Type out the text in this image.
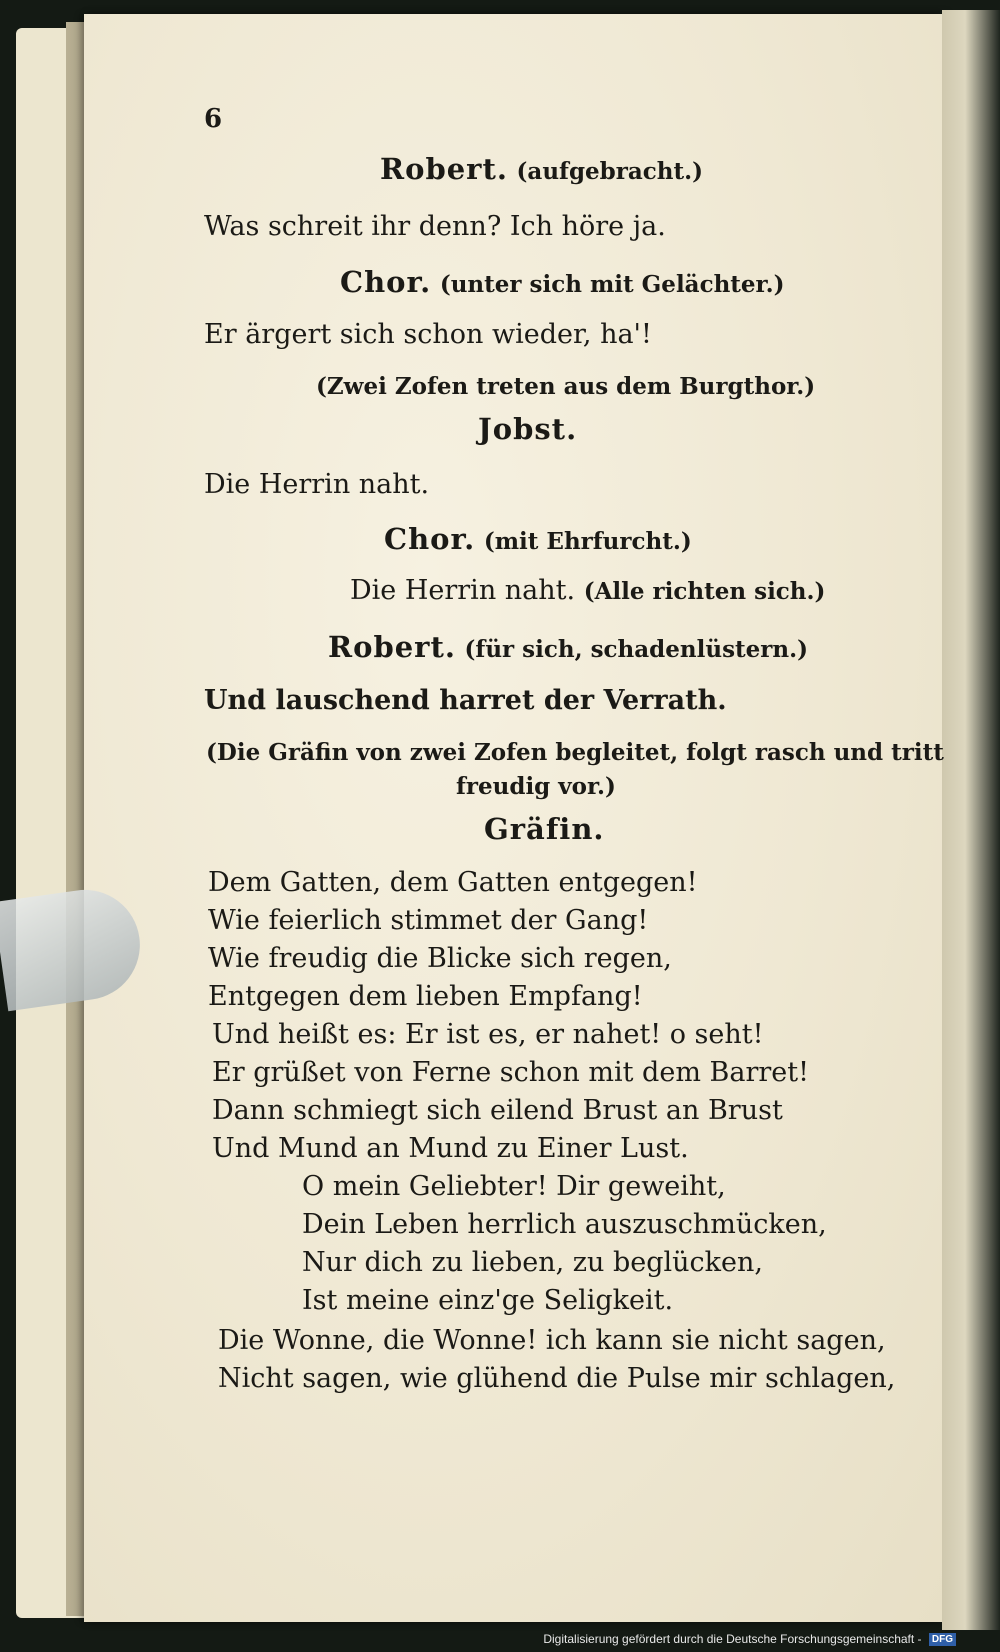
6
Robert. (aufgebracht.)
Was schreit ihr denn? Ich höre ja.
Chor. (unter sich mit Gelächter.)
Er ärgert sich schon wieder, ha'!
(Zwei Zofen treten aus dem Burgthor.)
Jobst.
Die Herrin naht.
Chor. (mit Ehrfurcht.)
Die Herrin naht. (Alle richten sich.)
Robert. (für sich, schadenlüstern.)
Und lauschend harret der Verrath.
(Die Gräfin von zwei Zofen begleitet, folgt rasch und tritt
freudig vor.)
Gräfin.
Dem Gatten, dem Gatten entgegen!
Wie feierlich stimmet der Gang!
Wie freudig die Blicke sich regen,
Entgegen dem lieben Empfang!
Und heißt es: Er ist es, er nahet! o seht!
Er grüßet von Ferne schon mit dem Barret!
Dann schmiegt sich eilend Brust an Brust
Und Mund an Mund zu Einer Lust.
O mein Geliebter! Dir geweiht,
Dein Leben herrlich auszuschmücken,
Nur dich zu lieben, zu beglücken,
Ist meine einz'ge Seligkeit.
Die Wonne, die Wonne! ich kann sie nicht sagen,
Nicht sagen, wie glühend die Pulse mir schlagen,
Digitalisierung gefördert durch die Deutsche Forschungsgemeinschaft - DFG
